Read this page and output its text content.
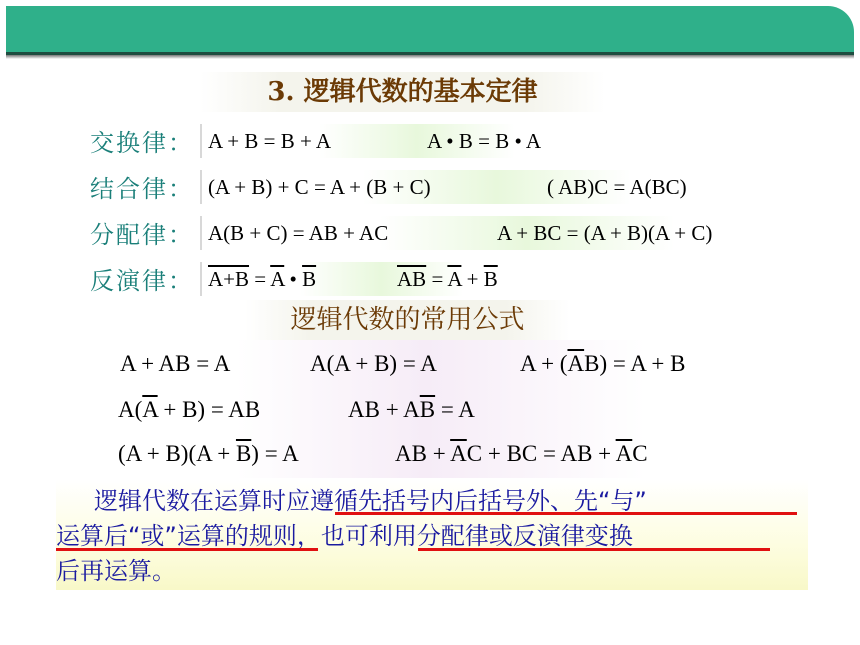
3. 逻辑代数的基本定律
交换律： A + B = B + A	A • B = B • A
结合律： (A + B) + C = A + (B + C)	( AB)C = A(BC)
分配律： A(B + C) = AB + AC	A + BC = (A + B)(A + C)
反演律： $A+B = \overline{A}$ • $\overline{B}$	$\overline{AB} = \overline{A} + \overline{B}$
逻辑代数的常用公式
A + AB = A	A(A + B) = A	$A + (\overline{A}B) = A + B$
$A(\overline{A} + B)$ = AB	AB + $A\overline{B} = A$
$(A + B)(A + \overline{B}) = A$	AB + $\overline{A}C$ + BC = AB + $\overline{A}C$
逻辑代数在运算时应遵循先括号内后括号外、先“与”
运算后“或”运算的规则，也可利用分配律或反演律变换
后再运算。
